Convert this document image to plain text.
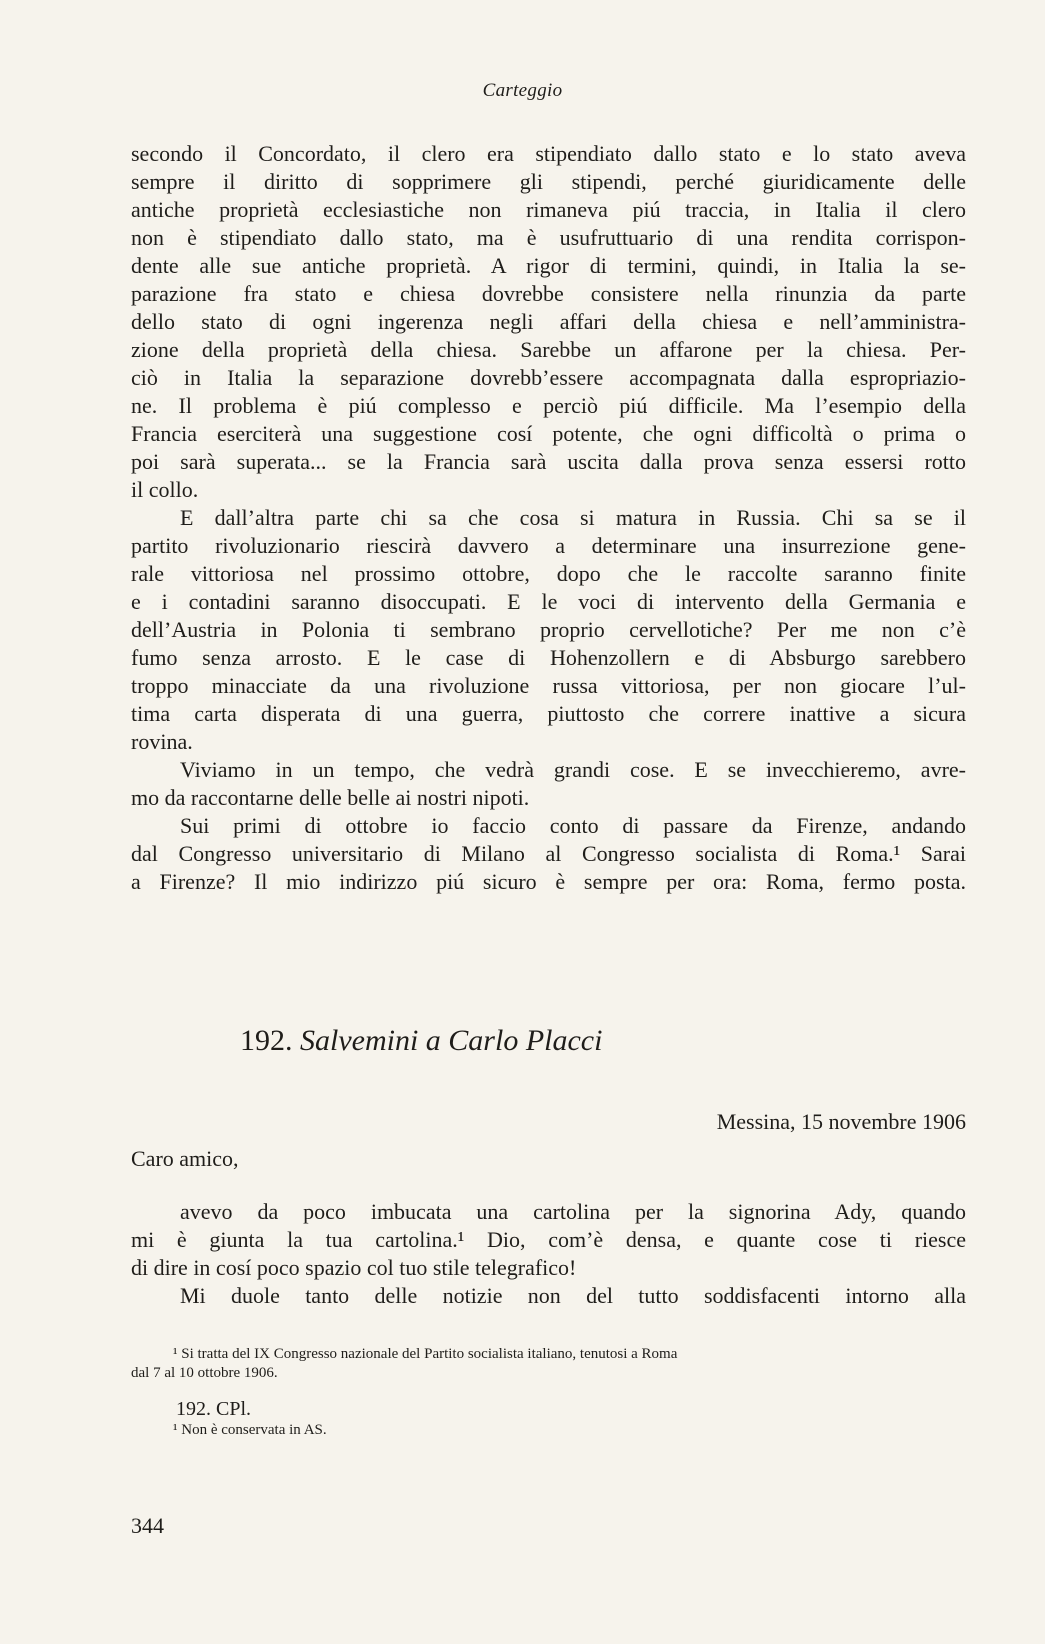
Carteggio

secondo il Concordato, il clero era stipendiato dallo stato e lo stato aveva
sempre il diritto di sopprimere gli stipendi, perché giuridicamente delle
antiche proprietà ecclesiastiche non rimaneva piú traccia, in Italia il clero
non è stipendiato dallo stato, ma è usufruttuario di una rendita corrispon-
dente alle sue antiche proprietà. A rigor di termini, quindi, in Italia la se-
parazione fra stato e chiesa dovrebbe consistere nella rinunzia da parte
dello stato di ogni ingerenza negli affari della chiesa e nell’amministra-
zione della proprietà della chiesa. Sarebbe un affarone per la chiesa. Per-
ciò in Italia la separazione dovrebb’essere accompagnata dalla espropriazio-
ne. Il problema è piú complesso e perciò piú difficile. Ma l’esempio della
Francia eserciterà una suggestione cosí potente, che ogni difficoltà o prima o
poi sarà superata... se la Francia sarà uscita dalla prova senza essersi rotto

il collo.

E dall’altra parte chi sa che cosa si matura in Russia. Chi sa se il
partito rivoluzionario riescirà davvero a determinare una insurrezione gene-
rale vittoriosa nel prossimo ottobre, dopo che le raccolte saranno finite
e i contadini saranno disoccupati. E le voci di intervento della Germania e
dell’Austria in Polonia ti sembrano proprio cervellotiche? Per me non c’è
fumo senza arrosto. E le case di Hohenzollern e di Absburgo sarebbero
troppo minacciate da una rivoluzione russa vittoriosa, per non giocare l’ul-
tima carta disperata di una guerra, piuttosto che correre inattive a sicura

rovina.

Viviamo in un tempo, che vedrà grandi cose. E se invecchieremo, avre-

mo da raccontarne delle belle ai nostri nipoti.

Sui primi di ottobre io faccio conto di passare da Firenze, andando
dal Congresso universitario di Milano al Congresso socialista di Roma.¹ Sarai
a Firenze? Il mio indirizzo piú sicuro è sempre per ora: Roma, fermo posta.

192. Salvemini a Carlo Placci
Messina, 15 novembre 1906
Caro amico,

avevo da poco imbucata una cartolina per la signorina Ady, quando
mi è giunta la tua cartolina.¹ Dio, com’è densa, e quante cose ti riesce

di dire in cosí poco spazio col tuo stile telegrafico!

Mi duole tanto delle notizie non del tutto soddisfacenti intorno alla

¹ Si tratta del IX Congresso nazionale del Partito socialista italiano, tenutosi a Roma
dal 7 al 10 ottobre 1906.

192. CPl.

¹ Non è conservata in AS.

344
